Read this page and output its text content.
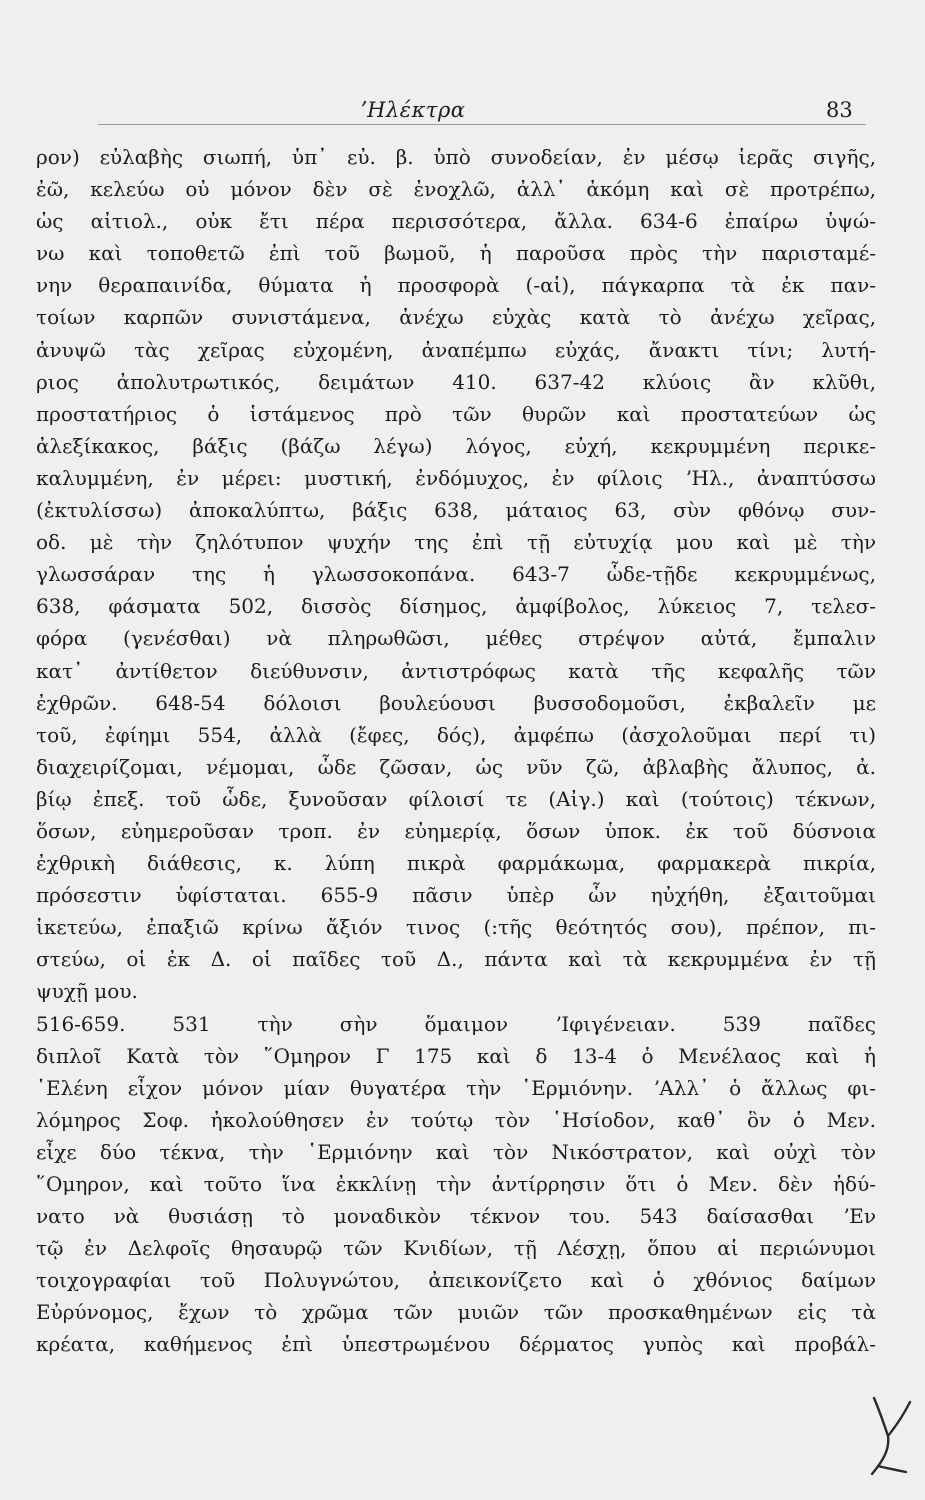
ʼΗλέκτρα	83
ρον) εὐλαβὴς σιωπή, ὑπ᾿ εὐ. β. ὑπὸ συνοδείαν, ἐν μέσῳ ἱερᾶς σιγῆς,
ἐῶ, κελεύω οὐ μόνον δὲν σὲ ἐνοχλῶ, ἀλλ᾿ ἀκόμη καὶ σὲ προτρέπω,
ὡς αἰτιολ., οὐκ ἔτι πέρα περισσότερα, ἄλλα. 634-6 ἐπαίρω ὑψώ-
νω καὶ τοποθετῶ ἐπὶ τοῦ βωμοῦ, ἡ παροῦσα πρὸς τὴν παρισταμέ-
νην θεραπαινίδα, θύματα ἡ προσφορὰ (-αἱ), πάγκαρπα τὰ ἐκ παν-
τοίων καρπῶν συνιστάμενα, ἀνέχω εὐχὰς κατὰ τὸ ἀνέχω χεῖρας,
ἀνυψῶ τὰς χεῖρας εὐχομένη, ἀναπέμπω εὐχάς, ἄνακτι τίνι; λυτή-
ριος ἀπολυτρωτικός, δειμάτων 410. 637-42 κλύοις ἂν κλῦθι,
προστατήριος ὁ ἱστάμενος πρὸ τῶν θυρῶν καὶ προστατεύων ὡς
ἀλεξίκακος, βάξις (βάζω λέγω) λόγος, εὐχή, κεκρυμμένη περικε-
καλυμμένη, ἐν μέρει: μυστική, ἐνδόμυχος, ἐν φίλοις ʼΗλ., ἀναπτύσσω
(ἐκτυλίσσω) ἀποκαλύπτω, βάξις 638, μάταιος 63, σὺν φθόνῳ συν-
οδ. μὲ τὴν ζηλότυπον ψυχήν της ἐπὶ τῇ εὐτυχίᾳ μου καὶ μὲ τὴν
γλωσσάραν της ἡ γλωσσοκοπάνα. 643-7 ὧδε-τῇδε κεκρυμμένως,
638, φάσματα 502, δισσὸς δίσημος, ἀμφίβολος, λύκειος 7, τελεσ-
φόρα (γενέσθαι) νὰ πληρωθῶσι, μέθες στρέψον αὐτά, ἔμπαλιν
κατ᾿ ἀντίθετον διεύθυνσιν, ἀντιστρόφως κατὰ τῆς κεφαλῆς τῶν
ἐχθρῶν. 648-54 δόλοισι βουλεύουσι βυσσοδομοῦσι, ἐκβαλεῖν με
τοῦ, ἐφίημι 554, ἀλλὰ (ἔφες, δός), ἀμφέπω (ἀσχολοῦμαι περί τι)
διαχειρίζομαι, νέμομαι, ὧδε ζῶσαν, ὡς νῦν ζῶ, ἀβλαβὴς ἄλυπος, ἀ.
βίῳ ἐπεξ. τοῦ ὧδε, ξυνοῦσαν φίλοισί τε (Αἰγ.) καὶ (τούτοις) τέκνων,
ὅσων, εὐημεροῦσαν τροπ. ἐν εὐημερίᾳ, ὅσων ὑποκ. ἐκ τοῦ δύσνοια
ἐχθρικὴ διάθεσις, κ. λύπη πικρὰ φαρμάκωμα, φαρμακερὰ πικρία,
πρόσεστιν ὑφίσταται. 655-9 πᾶσιν ὑπὲρ ὧν ηὐχήθη, ἐξαιτοῦμαι
ἱκετεύω, ἐπαξιῶ κρίνω ἄξιόν τινος (:τῆς θεότητός σου), πρέπον, πι-
στεύω, οἱ ἐκ Δ. οἱ παῖδες τοῦ Δ., πάντα καὶ τὰ κεκρυμμένα ἐν τῇ
ψυχῇ μου.
516-659. 531 τὴν σὴν ὅμαιμον ʼΙφιγένειαν. 539 παῖδες
διπλοῖ Κατὰ τὸν ῞Ομηρον Γ 175 καὶ δ 13-4 ὁ Μενέλαος καὶ ἡ
῾Ελένη εἶχον μόνον μίαν θυγατέρα τὴν ῾Ερμιόνην. ʼΑλλ᾿ ὁ ἄλλως φι-
λόμηρος Σοφ. ἠκολούθησεν ἐν τούτῳ τὸν ῾Ησίοδον, καθ᾿ ὃν ὁ Μεν.
εἶχε δύο τέκνα, τὴν ῾Ερμιόνην καὶ τὸν Νικόστρατον, καὶ οὐχὶ τὸν
῞Ομηρον, καὶ τοῦτο ἵνα ἐκκλίνῃ τὴν ἀντίρρησιν ὅτι ὁ Μεν. δὲν ἠδύ-
νατο νὰ θυσιάσῃ τὸ μοναδικὸν τέκνον του. 543 δαίσασθαι ʼΕν
τῷ ἐν Δελφοῖς θησαυρῷ τῶν Κνιδίων, τῇ Λέσχῃ, ὅπου αἱ περιώνυμοι
τοιχογραφίαι τοῦ Πολυγνώτου, ἀπεικονίζετο καὶ ὁ χθόνιος δαίμων
Εὐρύνομος, ἔχων τὸ χρῶμα τῶν μυιῶν τῶν προσκαθημένων εἰς τὰ
κρέατα, καθήμενος ἐπὶ ὑπεστρωμένου δέρματος γυπὸς καὶ προβάλ-
